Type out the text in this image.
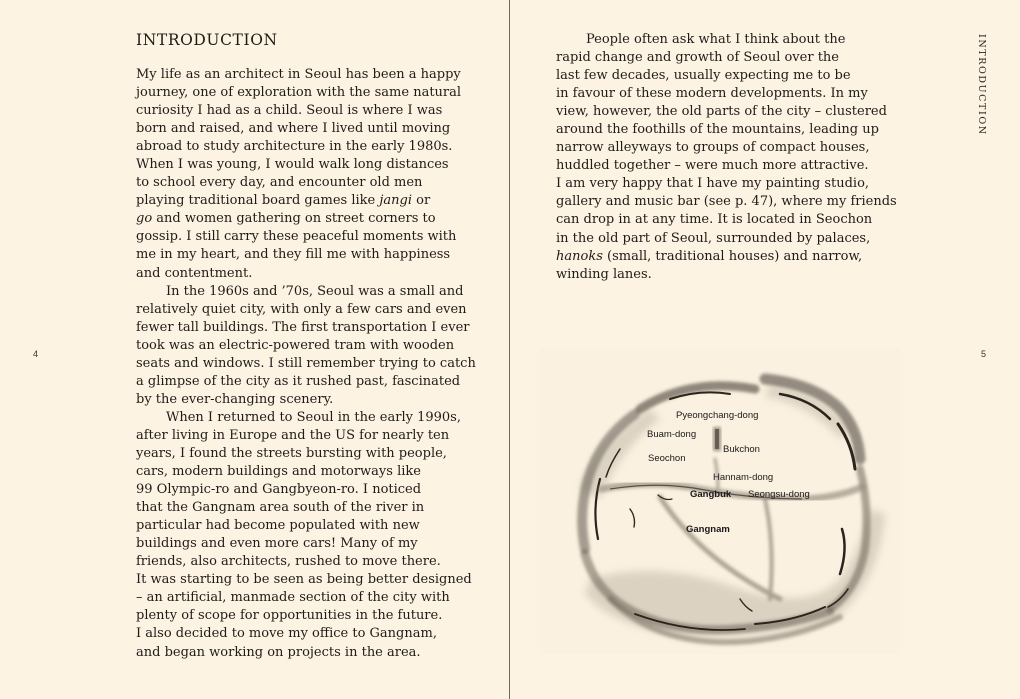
INTRODUCTION
My life as an architect in Seoul has been a happy
journey, one of exploration with the same natural
curiosity I had as a child. Seoul is where I was
born and raised, and where I lived until moving
abroad to study architecture in the early 1980s.
When I was young, I would walk long distances
to school every day, and encounter old men
playing traditional board games like jangi or
go and women gathering on street corners to
gossip. I still carry these peaceful moments with
me in my heart, and they fill me with happiness
and contentment.
In the 1960s and ’70s, Seoul was a small and
relatively quiet city, with only a few cars and even
fewer tall buildings. The first transportation I ever
took was an electric-powered tram with wooden
seats and windows. I still remember trying to catch
a glimpse of the city as it rushed past, fascinated
by the ever-changing scenery.
When I returned to Seoul in the early 1990s,
after living in Europe and the US for nearly ten
years, I found the streets bursting with people,
cars, modern buildings and motorways like
99 Olympic-ro and Gangbyeon-ro. I noticed
that the Gangnam area south of the river in
particular had become populated with new
buildings and even more cars! Many of my
friends, also architects, rushed to move there.
It was starting to be seen as being better designed
– an artificial, manmade section of the city with
plenty of scope for opportunities in the future.
I also decided to move my office to Gangnam,
and began working on projects in the area.
4
People often ask what I think about the
rapid change and growth of Seoul over the
last few decades, usually expecting me to be
in favour of these modern developments. In my
view, however, the old parts of the city – clustered
around the foothills of the mountains, leading up
narrow alleyways to groups of compact houses,
huddled together – were much more attractive.
I am very happy that I have my painting studio,
gallery and music bar (see p. 47), where my friends
can drop in at any time. It is located in Seochon
in the old part of Seoul, surrounded by palaces,
hanoks (small, traditional houses) and narrow,
winding lanes.
INTRODUCTION
5
Pyeongchang-dong
Buam-dong
Bukchon
Seochon
Hannam-dong
Gangbuk Seongsu-dong
Gangnam
